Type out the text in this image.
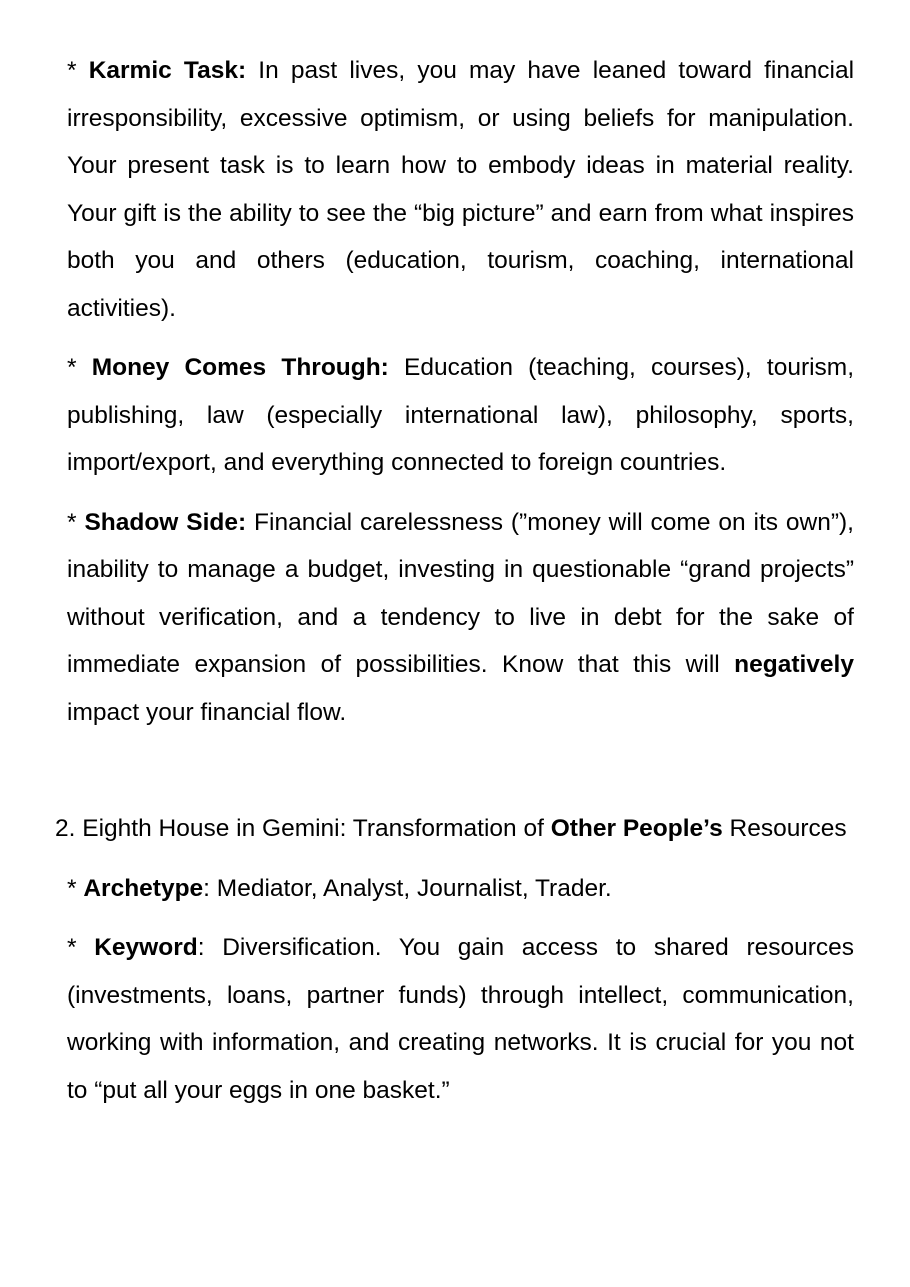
* Karmic Task: In past lives, you may have leaned toward financial irresponsibility, excessive optimism, or using beliefs for manipulation. Your present task is to learn how to embody ideas in material reality. Your gift is the ability to see the “big picture” and earn from what inspires both you and others (education, tourism, coaching, international activities).

* Money Comes Through: Education (teaching, courses), tourism, publishing, law (especially international law), philosophy, sports, import/export, and everything connected to foreign countries.

* Shadow Side: Financial carelessness (”money will come on its own”), inability to manage a budget, investing in questionable “grand projects” without verification, and a tendency to live in debt for the sake of immediate expansion of possibilities. Know that this will negatively impact your financial flow.

2. Eighth House in Gemini: Transformation of Other People’s Resources

* Archetype: Mediator, Analyst, Journalist, Trader.

* Keyword: Diversification. You gain access to shared resources (investments, loans, partner funds) through intellect, communication, working with information, and creating networks. It is crucial for you not to “put all your eggs in one basket.”
